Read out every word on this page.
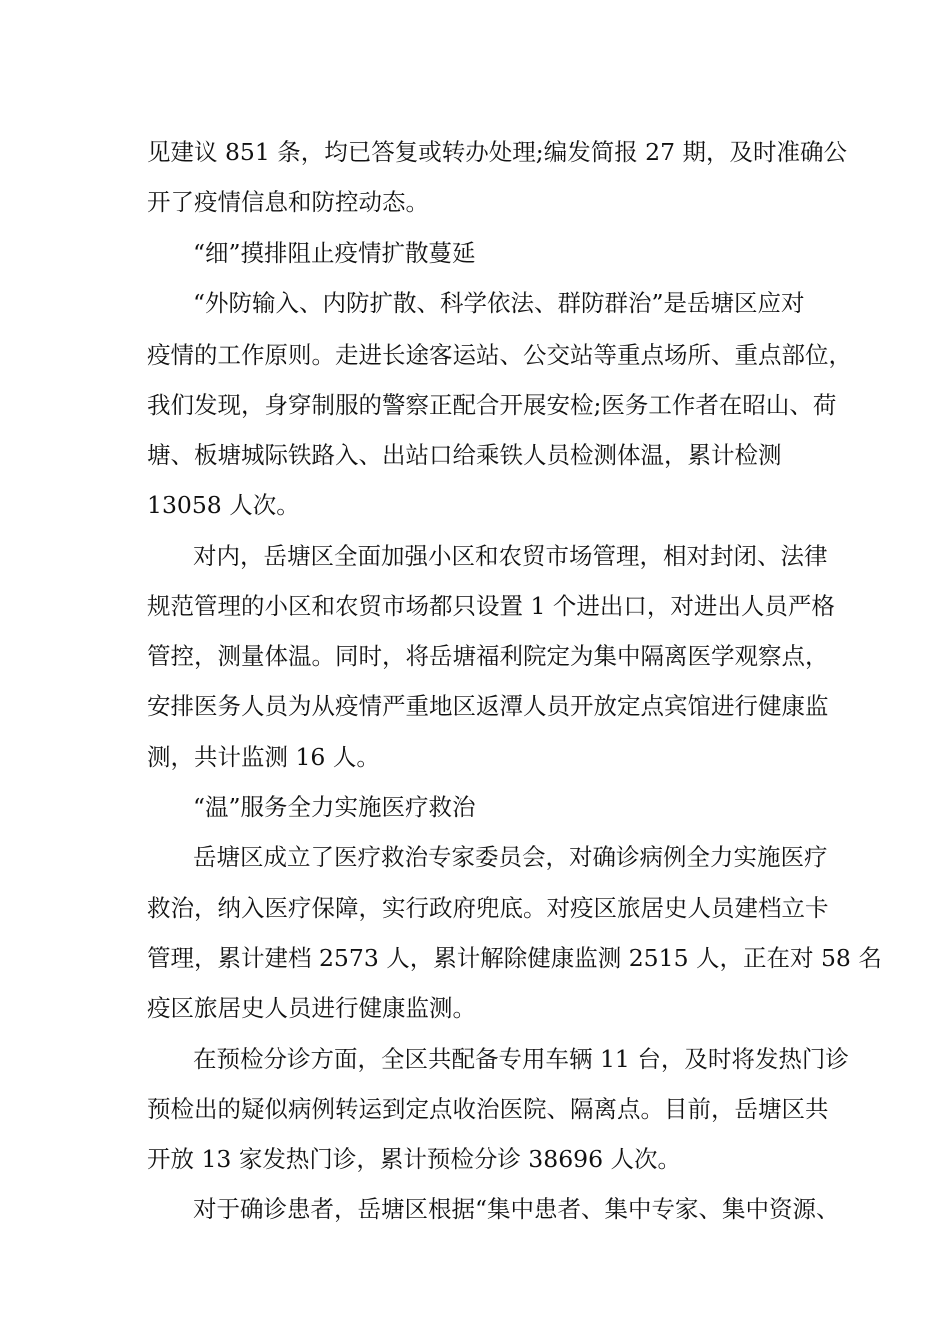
见建议 851 条，均已答复或转办处理;编发简报 27 期，及时准确公
开了疫情信息和防控动态。
“细”摸排阻止疫情扩散蔓延
“外防输入、内防扩散、科学依法、群防群治”是岳塘区应对
疫情的工作原则。走进长途客运站、公交站等重点场所、重点部位，
我们发现，身穿制服的警察正配合开展安检;医务工作者在昭山、荷
塘、板塘城际铁路入、出站口给乘铁人员检测体温，累计检测
13058 人次。
对内，岳塘区全面加强小区和农贸市场管理，相对封闭、法律
规范管理的小区和农贸市场都只设置 1 个进出口，对进出人员严格
管控，测量体温。同时，将岳塘福利院定为集中隔离医学观察点，
安排医务人员为从疫情严重地区返潭人员开放定点宾馆进行健康监
测，共计监测 16 人。
“温”服务全力实施医疗救治
岳塘区成立了医疗救治专家委员会，对确诊病例全力实施医疗
救治，纳入医疗保障，实行政府兜底。对疫区旅居史人员建档立卡
管理，累计建档 2573 人，累计解除健康监测 2515 人，正在对 58 名
疫区旅居史人员进行健康监测。
在预检分诊方面，全区共配备专用车辆 11 台，及时将发热门诊
预检出的疑似病例转运到定点收治医院、隔离点。目前，岳塘区共
开放 13 家发热门诊，累计预检分诊 38696 人次。
对于确诊患者，岳塘区根据“集中患者、集中专家、集中资源、
